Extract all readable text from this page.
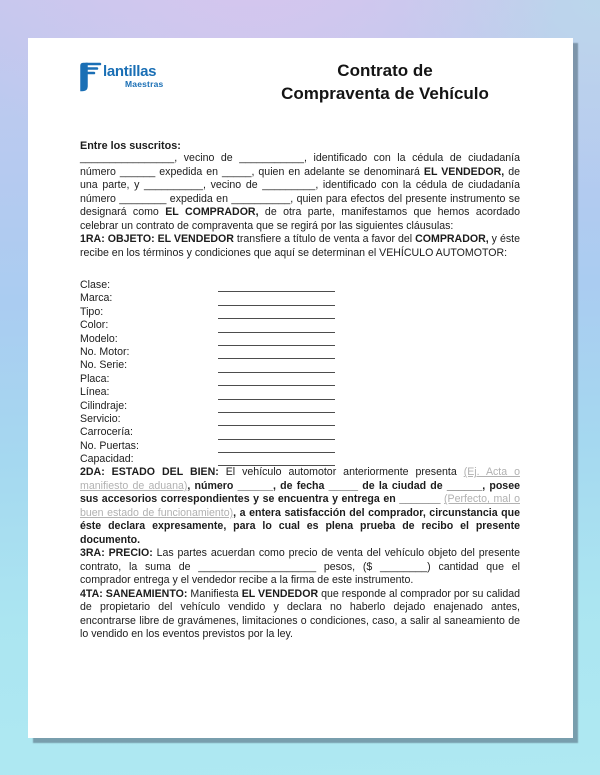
lantillas
Maestras
Contrato de
Compraventa de Vehículo
Entre los suscritos:

________________, vecino de ___________, identificado con la cédula de ciudadanía número ______ expedida en _____, quien en adelante se denominará EL VENDEDOR, de una parte, y __________, vecino de _________, identificado con la cédula de ciudadanía número ________ expedida en __________, quien para efectos del presente instrumento se designará como EL COMPRADOR, de otra parte, manifestamos que hemos acordado celebrar un contrato de compraventa que se regirá por las siguientes cláusulas:

1RA: OBJETO: EL VENDEDOR transfiere a título de venta a favor del COMPRADOR, y éste recibe en los términos y condiciones que aquí se determinan el VEHÍCULO AUTOMOTOR:

Clase:
Marca:
Tipo:
Color:
Modelo:
No. Motor:
No. Serie:
Placa:
Línea:
Cilindraje:
Servicio:
Carrocería:
No. Puertas:
Capacidad:

2DA: ESTADO DEL BIEN: El vehículo automotor anteriormente presenta (Ej. Acta o manifiesto de aduana), número ______, de fecha _____ de la ciudad de ______, posee sus accesorios correspondientes y se encuentra y entrega en _______ (Perfecto, mal o buen estado de funcionamiento), a entera satisfacción del comprador, circunstancia que éste declara expresamente, para lo cual es plena prueba de recibo el presente documento.

3RA: PRECIO: Las partes acuerdan como precio de venta del vehículo objeto del presente contrato, la suma de ____________________ pesos, ($ ________) cantidad que el comprador entrega y el vendedor recibe a la firma de este instrumento.

4TA: SANEAMIENTO: Manifiesta EL VENDEDOR que responde al comprador por su calidad de propietario del vehículo vendido y declara no haberlo dejado enajenado antes, encontrarse libre de gravámenes, limitaciones o condiciones, caso, a salir al saneamiento de lo vendido en los eventos previstos por la ley.
